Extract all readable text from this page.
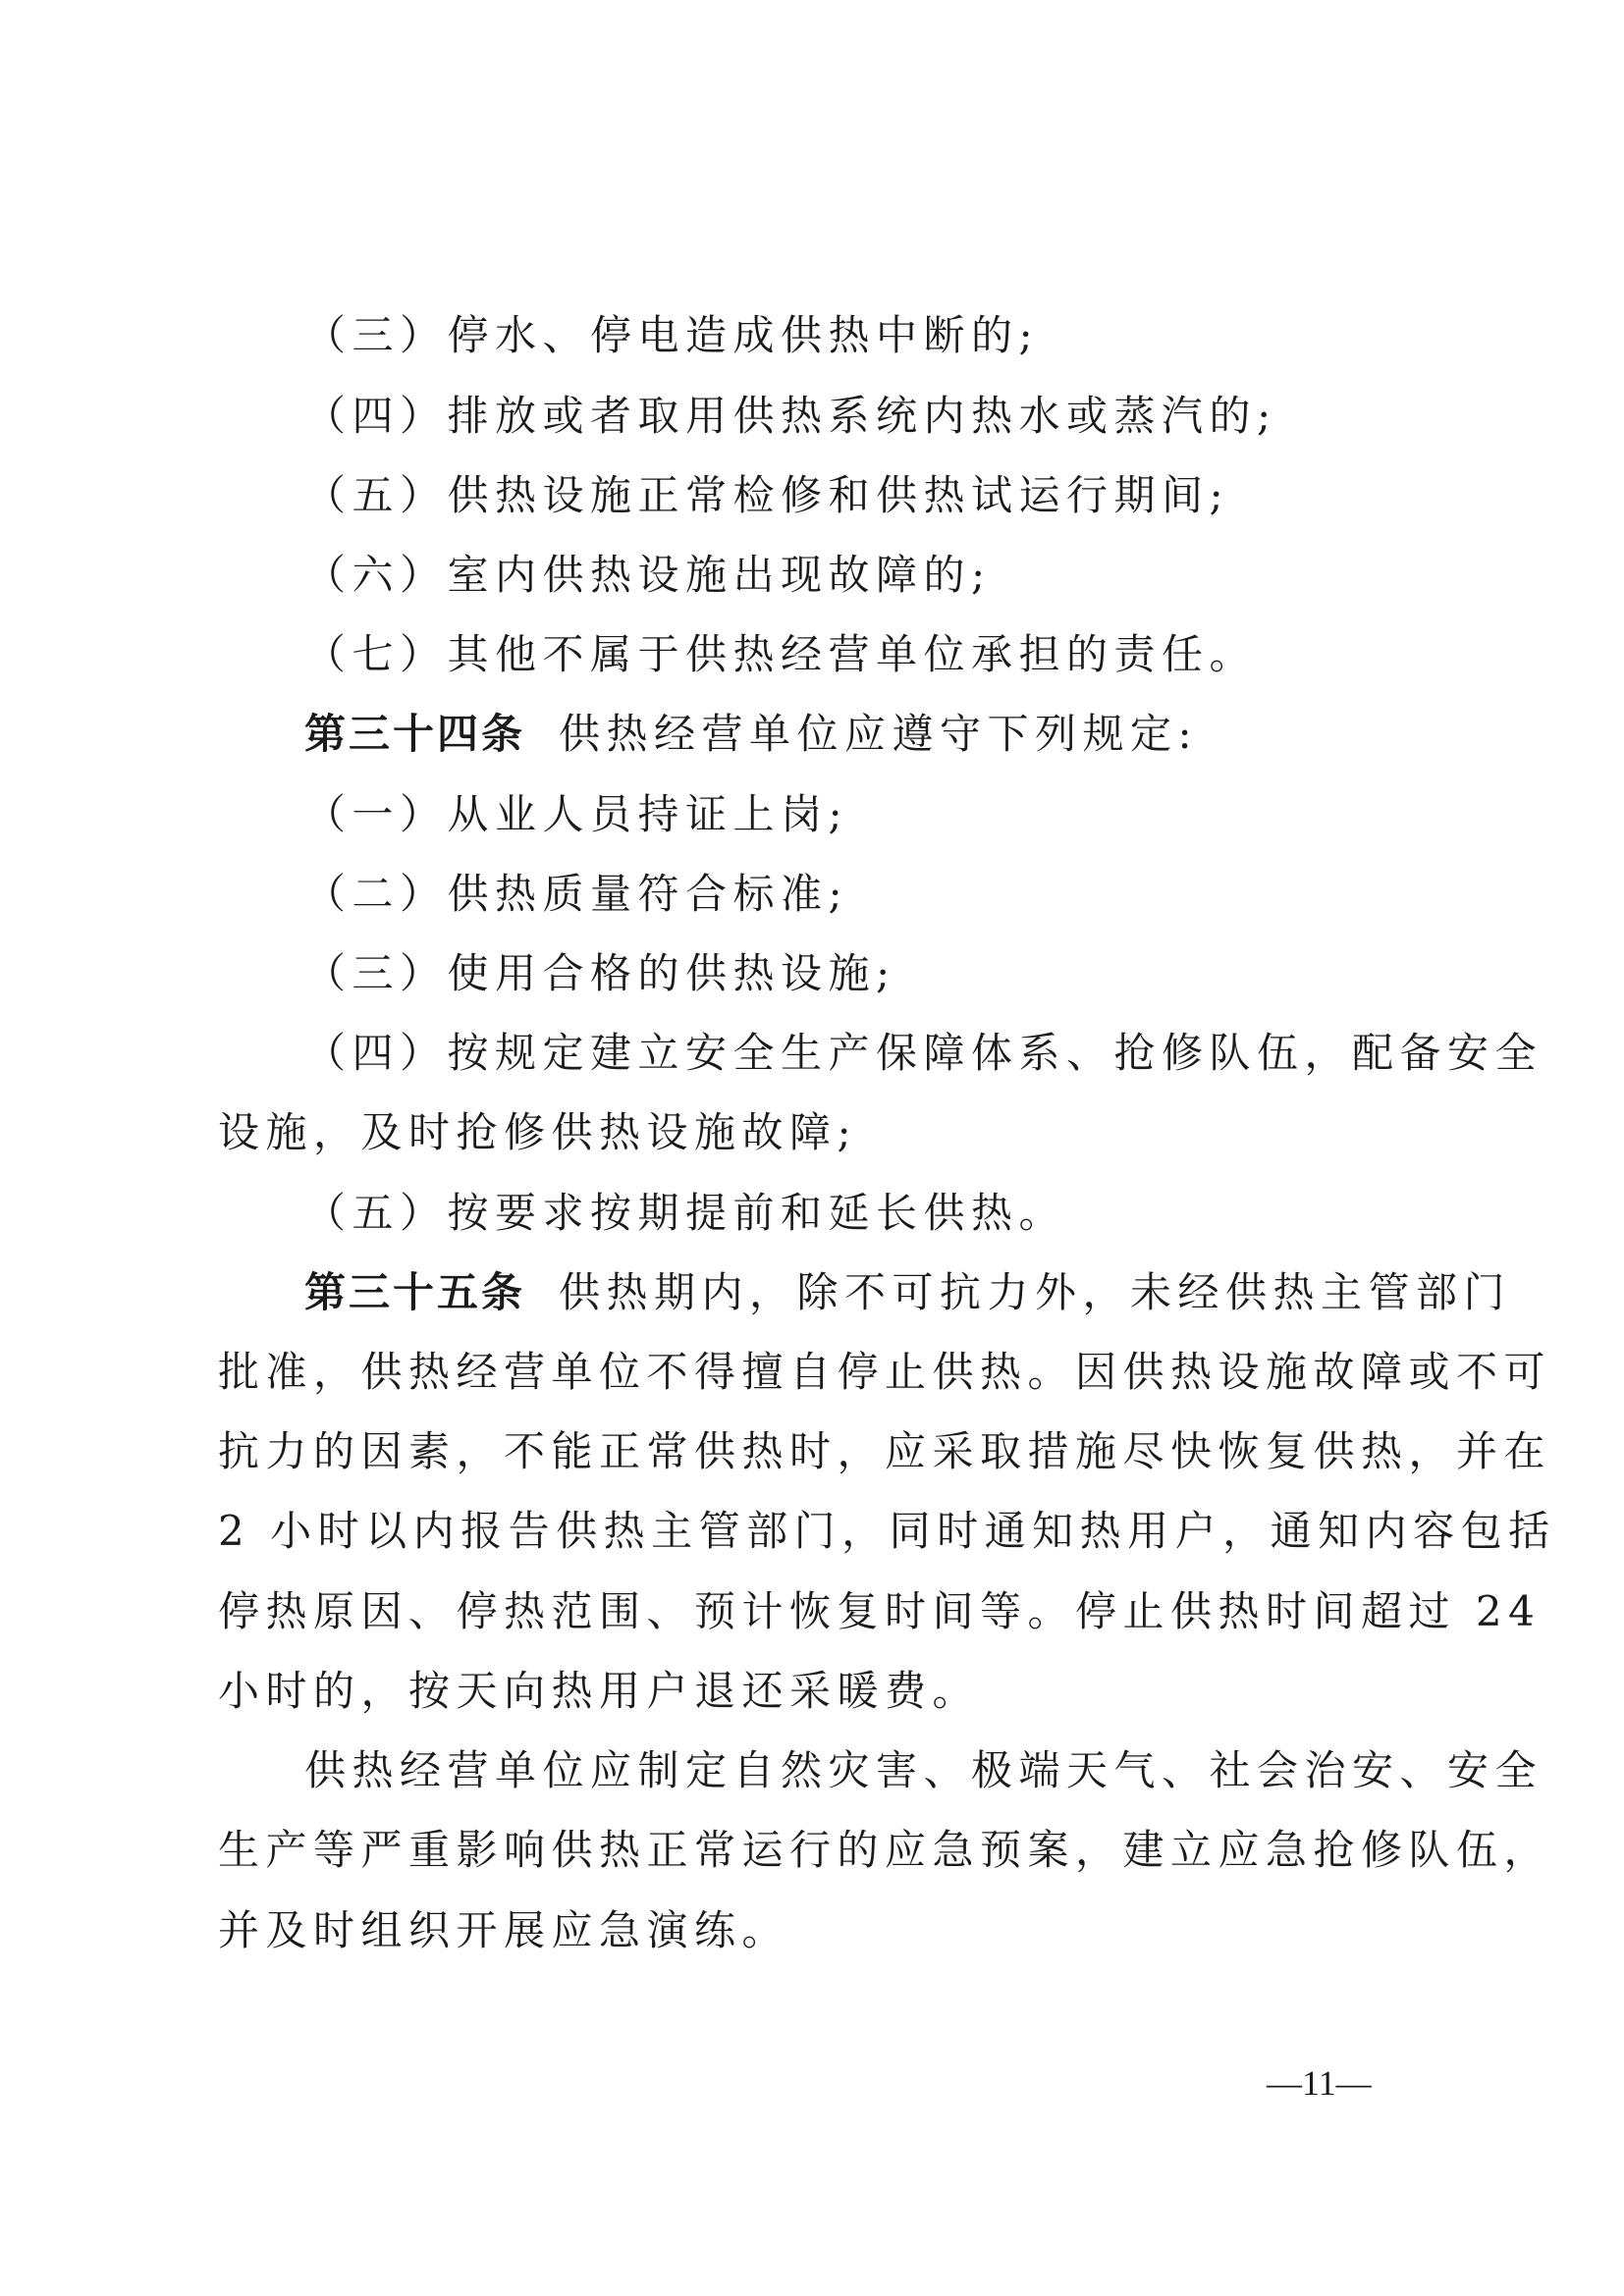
（三）停水、停电造成供热中断的;
（四）排放或者取用供热系统内热水或蒸汽的;
（五）供热设施正常检修和供热试运行期间;
（六）室内供热设施出现故障的;
（七）其他不属于供热经营单位承担的责任。
第三十四条 供热经营单位应遵守下列规定:
（一）从业人员持证上岗;
（二）供热质量符合标准;
（三）使用合格的供热设施;
（四）按规定建立安全生产保障体系、抢修队伍，配备安全
设施，及时抢修供热设施故障;
（五）按要求按期提前和延长供热。
第三十五条 供热期内，除不可抗力外，未经供热主管部门
批准，供热经营单位不得擅自停止供热。因供热设施故障或不可
抗力的因素，不能正常供热时，应采取措施尽快恢复供热，并在
2 小时以内报告供热主管部门，同时通知热用户，通知内容包括
停热原因、停热范围、预计恢复时间等。停止供热时间超过 24
小时的，按天向热用户退还采暖费。
供热经营单位应制定自然灾害、极端天气、社会治安、安全
生产等严重影响供热正常运行的应急预案，建立应急抢修队伍，
并及时组织开展应急演练。
—11—
